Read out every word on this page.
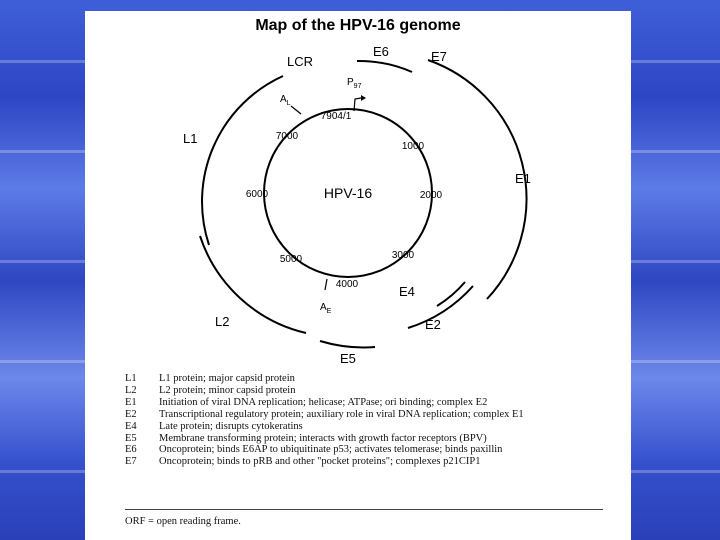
Map of the HPV-16 genome
HPV-16
7904/1
1000
2000
3000
4000
5000
6000
7000
$P_{97}$
$A_L$
$A_E$
LCR
E6	E7
E1
E4
E2
E5
L1
L2
L1	L1 protein; major capsid protein
L2	L2 protein; minor capsid protein
E1	Initiation of viral DNA replication; helicase; ATPase; ori binding; complex E2
E2	Transcriptional regulatory protein; auxiliary role in viral DNA replication; complex E1
E4	Late protein; disrupts cytokeratins
E5	Membrane transforming protein; interacts with growth factor receptors (BPV)
E6	Oncoprotein; binds E6AP to ubiquitinate p53; activates telomerase; binds paxillin
E7	Oncoprotein; binds to pRB and other "pocket proteins"; complexes p21CIP1
ORF = open reading frame.
